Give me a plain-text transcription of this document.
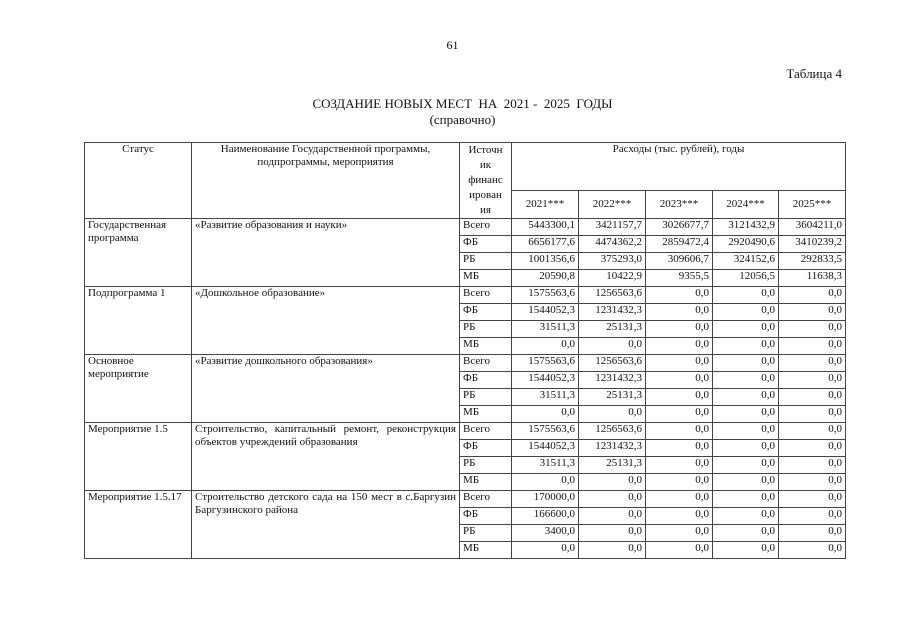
61
Таблица 4
СОЗДАНИЕ НОВЫХ МЕСТ  НА  2021 -  2025  ГОДЫ
(справочно)
Статус	Наименование Государственной программы, подпрограммы, мероприятия	Источн ик финанс ирован ия	Расходы (тыс. рублей), годы				
			2021***	2022***	2023***	2024***	2025***
Государственная программа	«Развитие образования и науки»	Всего	5443300,1	3421157,7	3026677,7	3121432,9	3604211,0
		ФБ	6656177,6	4474362,2	2859472,4	2920490,6	3410239,2
		РБ	1001356,6	375293,0	309606,7	324152,6	292833,5
		МБ	20590,8	10422,9	9355,5	12056,5	11638,3
Подпрограмма 1	«Дошкольное образование»	Всего	1575563,6	1256563,6	0,0	0,0	0,0
		ФБ	1544052,3	1231432,3	0,0	0,0	0,0
		РБ	31511,3	25131,3	0,0	0,0	0,0
		МБ	0,0	0,0	0,0	0,0	0,0
Основное мероприятие	«Развитие дошкольного образования»	Всего	1575563,6	1256563,6	0,0	0,0	0,0
		ФБ	1544052,3	1231432,3	0,0	0,0	0,0
		РБ	31511,3	25131,3	0,0	0,0	0,0
		МБ	0,0	0,0	0,0	0,0	0,0
Мероприятие 1.5	Строительство, капитальный ремонт, реконструкция объектов учреждений образования	Всего	1575563,6	1256563,6	0,0	0,0	0,0
		ФБ	1544052,3	1231432,3	0,0	0,0	0,0
		РБ	31511,3	25131,3	0,0	0,0	0,0
		МБ	0,0	0,0	0,0	0,0	0,0
Мероприятие 1.5.17	Строительство детского сада на 150 мест в с.Баргузин Баргузинского района	Всего	170000,0	0,0	0,0	0,0	0,0
		ФБ	166600,0	0,0	0,0	0,0	0,0
		РБ	3400,0	0,0	0,0	0,0	0,0
		МБ	0,0	0,0	0,0	0,0	0,0
